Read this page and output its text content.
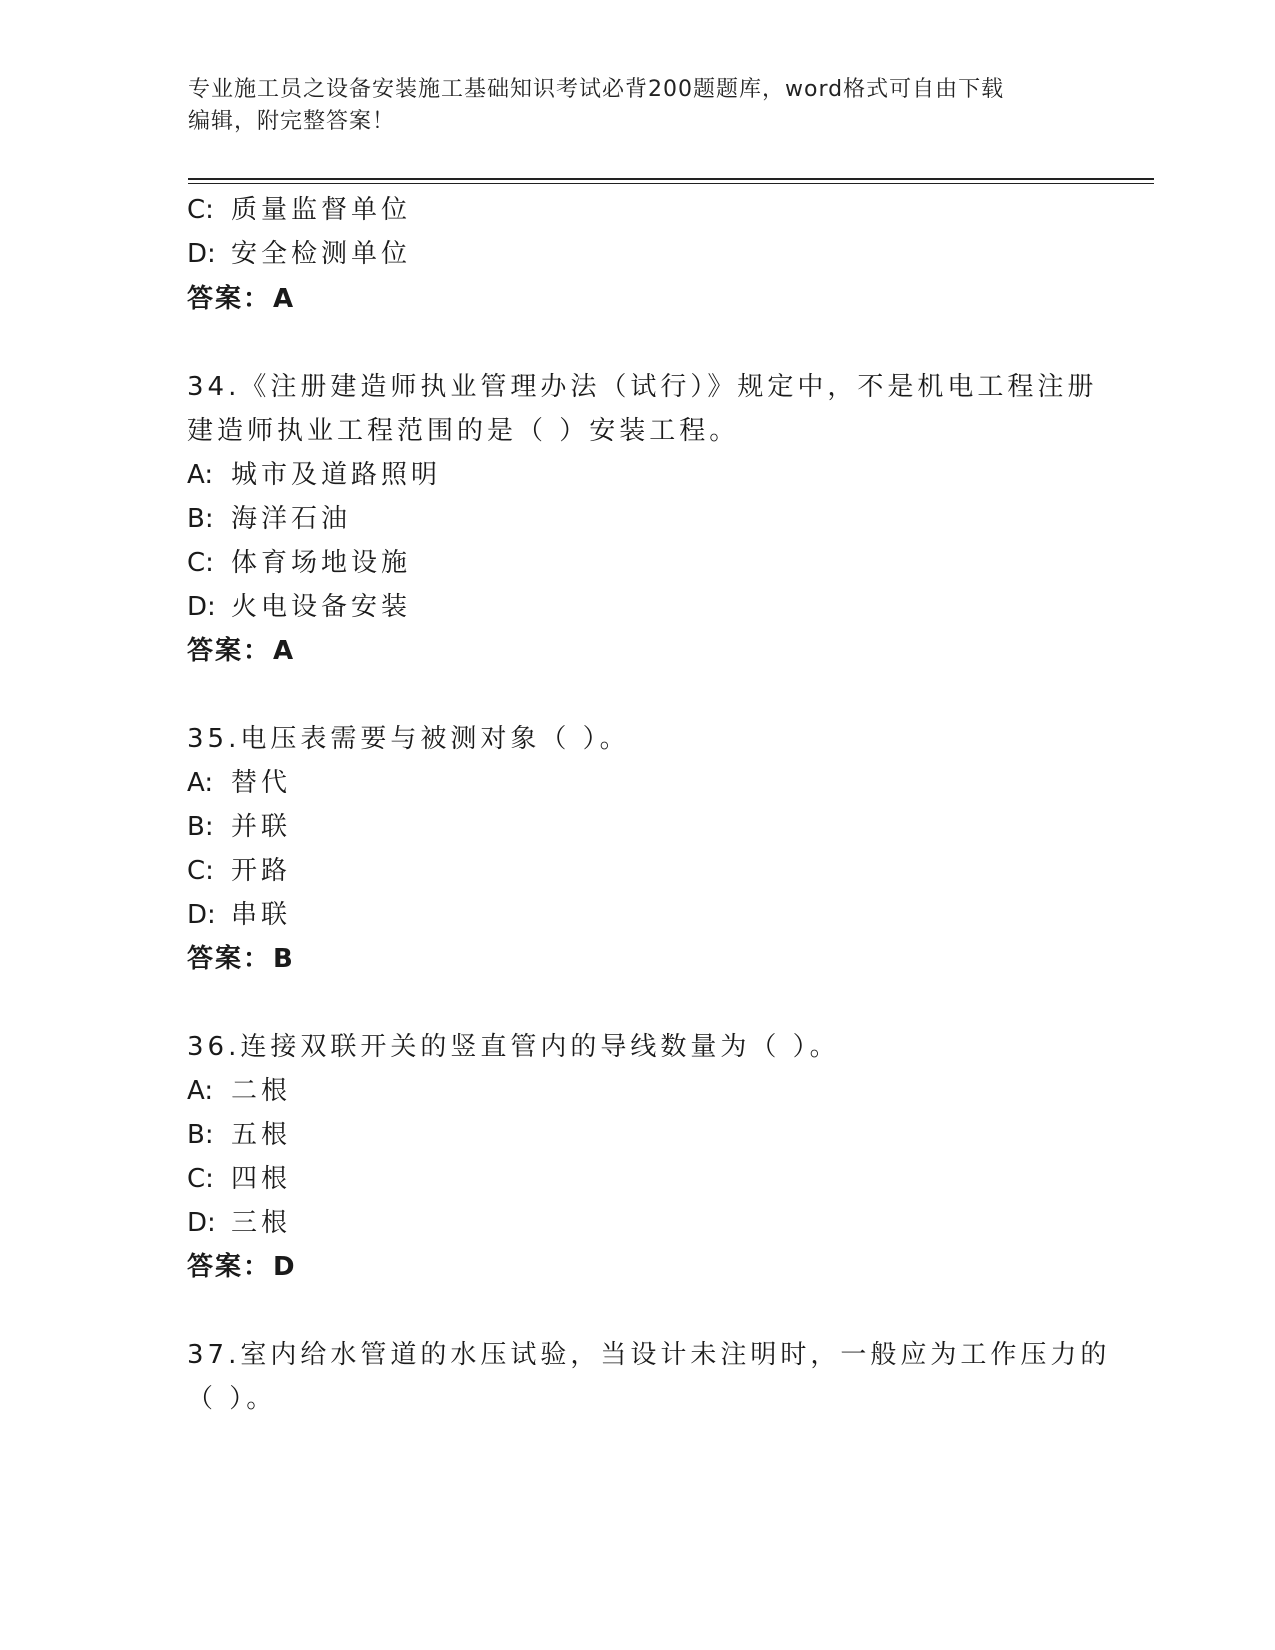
专业施工员之设备安装施工基础知识考试必背200题题库，word格式可自由下载
编辑，附完整答案！
C: 质量监督单位
D: 安全检测单位
答案：A
34.《注册建造师执业管理办法（试行）》规定中，不是机电工程注册
建造师执业工程范围的是（ ）安装工程。
A: 城市及道路照明
B: 海洋石油
C: 体育场地设施
D: 火电设备安装
答案：A
35.电压表需要与被测对象（ ）。
A: 替代
B: 并联
C: 开路
D: 串联
答案：B
36.连接双联开关的竖直管内的导线数量为（ ）。
A: 二根
B: 五根
C: 四根
D: 三根
答案：D
37.室内给水管道的水压试验，当设计未注明时，一般应为工作压力的
（ ）。
